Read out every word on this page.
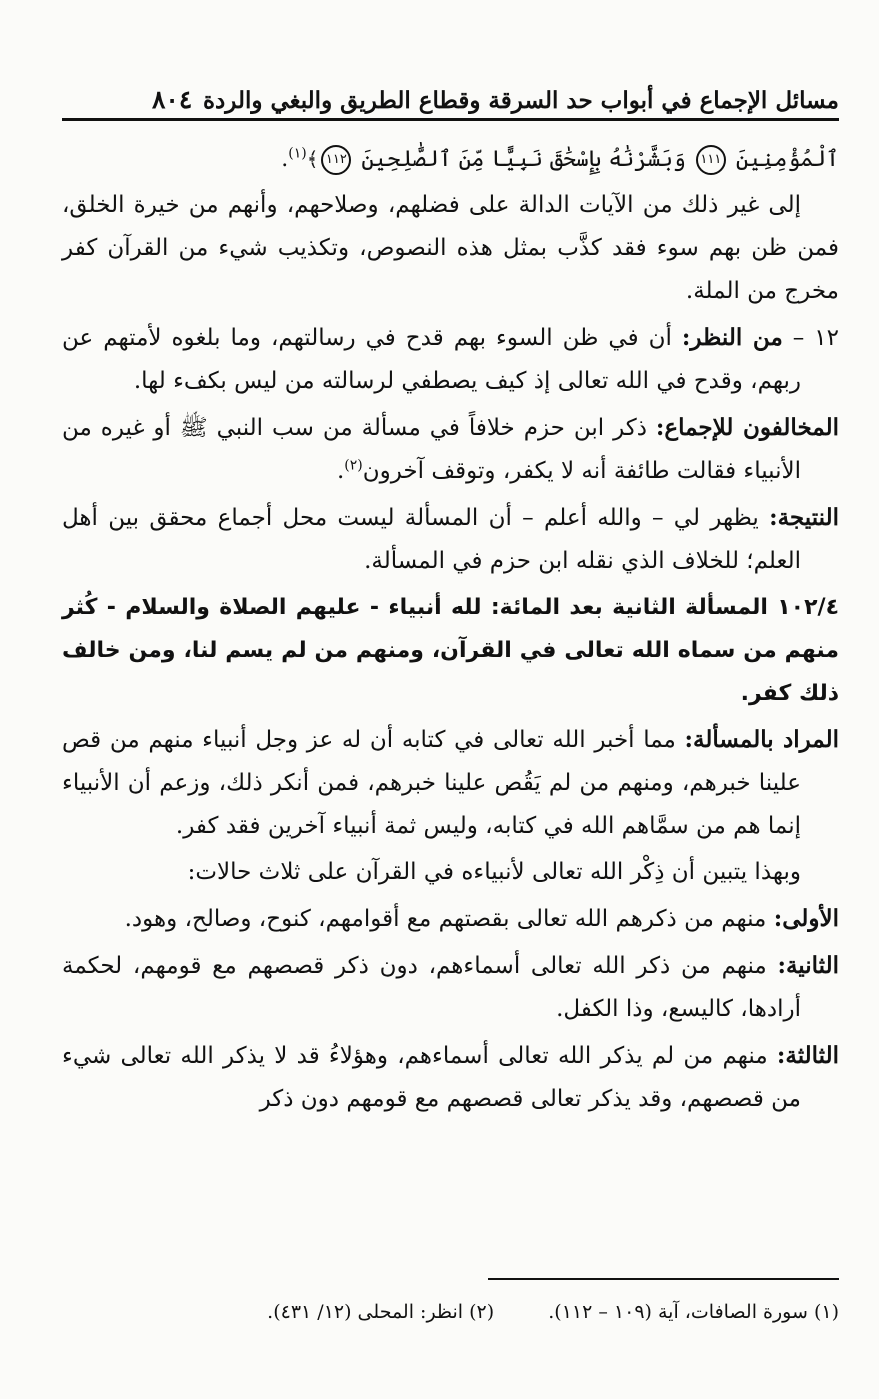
٨٠٤ مسائل الإجماع في أبواب حد السرقة وقطاع الطريق والبغي والردة

ٱلْمُؤْمِنِينَ ١١١ وَبَشَّرْنَٰهُ بِإِسْحَٰقَ نَبِيًّا مِّنَ ٱلصَّٰلِحِينَ ١١٢﴾$^{(١)}$.

إلى غير ذلك من الآيات الدالة على فضلهم، وصلاحهم، وأنهم من خيرة الخلق، فمن ظن بهم سوء فقد كذَّب بمثل هذه النصوص، وتكذيب شيء من القرآن كفر مخرج من الملة.

١٢ – من النظر: أن في ظن السوء بهم قدح في رسالتهم، وما بلغوه لأمتهم عن ربهم، وقدح في الله تعالى إذ كيف يصطفي لرسالته من ليس بكفء لها.

المخالفون للإجماع: ذكر ابن حزم خلافاً في مسألة من سب النبي ﷺ أو غيره من الأنبياء فقالت طائفة أنه لا يكفر، وتوقف آخرون$^{(٢)}$.

النتيجة: يظهر لي – والله أعلم – أن المسألة ليست محل أجماع محقق بين أهل العلم؛ للخلاف الذي نقله ابن حزم في المسألة.

١٠٢/٤ المسألة الثانية بعد المائة: لله أنبياء - عليهم الصلاة والسلام - كُثر منهم من سماه الله تعالى في القرآن، ومنهم من لم يسم لنا، ومن خالف ذلك كفر.

المراد بالمسألة: مما أخبر الله تعالى في كتابه أن له عز وجل أنبياء منهم من قص علينا خبرهم، ومنهم من لم يَقُص علينا خبرهم، فمن أنكر ذلك، وزعم أن الأنبياء إنما هم من سمَّاهم الله في كتابه، وليس ثمة أنبياء آخرين فقد كفر.

وبهذا يتبين أن ذِكْر الله تعالى لأنبياءه في القرآن على ثلاث حالات:

الأولى: منهم من ذكرهم الله تعالى بقصتهم مع أقوامهم، كنوح، وصالح، وهود.

الثانية: منهم من ذكر الله تعالى أسماءهم، دون ذكر قصصهم مع قومهم، لحكمة أرادها، كاليسع، وذا الكفل.

الثالثة: منهم من لم يذكر الله تعالى أسماءهم، وهؤلاءُ قد لا يذكر الله تعالى شيء من قصصهم، وقد يذكر تعالى قصصهم مع قومهم دون ذكر

(١) سورة الصافات، آية (١٠٩ – ١١٢). (٢) انظر: المحلى (١٢/ ٤٣١).
